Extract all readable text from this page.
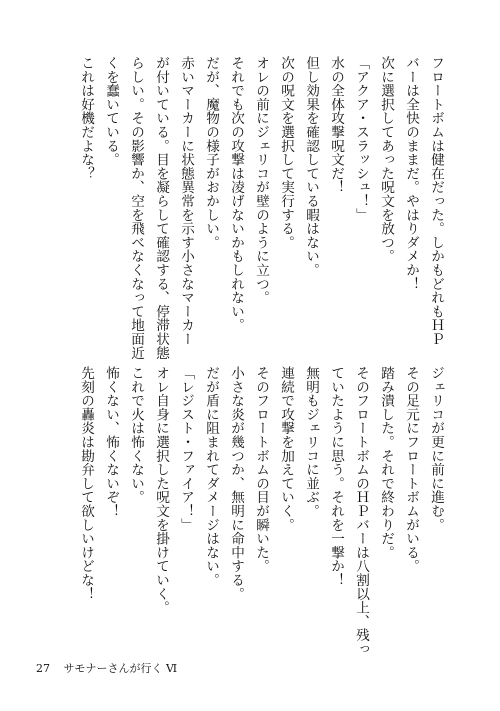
フロートボムは健在だった。しかもどれもＨＰ
バーは全快のままだ。やはりダメか！
次に選択してあった呪文を放つ。
「アクア・スラッシュ！」
水の全体攻撃呪文だ！
但し効果を確認している暇はない。
次の呪文を選択して実行する。
オレの前にジェリコが壁のように立つ。
それでも次の攻撃は凌げないかもしれない。
だが、魔物の様子がおかしい。
赤いマーカーに状態異常を示す小さなマーカー
が付いている。目を凝らして確認する、停滞状態
らしい。その影響か、空を飛べなくなって地面近
くを蠢いている。
これは好機だよな？
ジェリコが更に前に進む。
その足元にフロートボムがいる。
踏み潰した。それで終わりだ。
そのフロートボムのＨＰバーは八割以上、残っ
ていたように思う。それを一撃か！
無明もジェリコに並ぶ。
連続で攻撃を加えていく。
そのフロートボムの目が瞬いた。
小さな炎が幾つか、無明に命中する。
だが盾に阻まれてダメージはない。
「レジスト・ファイア！」
オレ自身に選択した呪文を掛けていく。
これで火は怖くない。
怖くない、怖くないぞ！
先刻の轟炎は勘弁して欲しいけどな！
27 サモナーさんが行く Ⅵ
